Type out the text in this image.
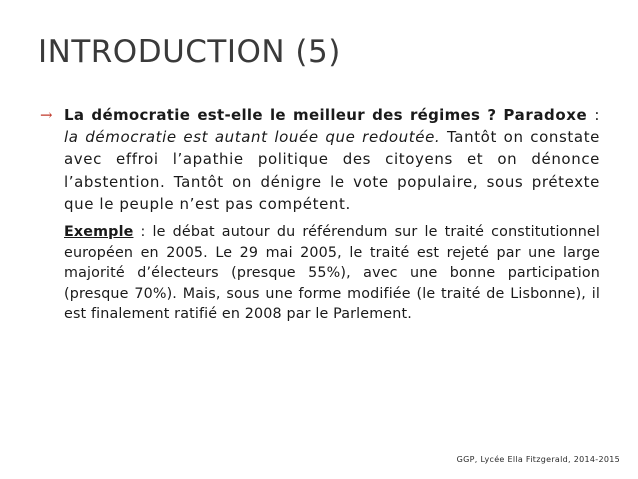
INTRODUCTION (5)

→ La démocratie est-elle le meilleur des régimes ? Paradoxe : la démocratie est autant louée que redoutée. Tantôt on constate avec effroi l’apathie politique des citoyens et on dénonce l’abstention. Tantôt on dénigre le vote populaire, sous prétexte que le peuple n’est pas compétent.

Exemple : le débat autour du référendum sur le traité constitutionnel européen en 2005. Le 29 mai 2005, le traité est rejeté par une large majorité d’électeurs (presque 55%), avec une bonne participation (presque 70%). Mais, sous une forme modifiée (le traité de Lisbonne), il est finalement ratifié en 2008 par le Parlement.

GGP, Lycée Ella Fitzgerald, 2014-2015
